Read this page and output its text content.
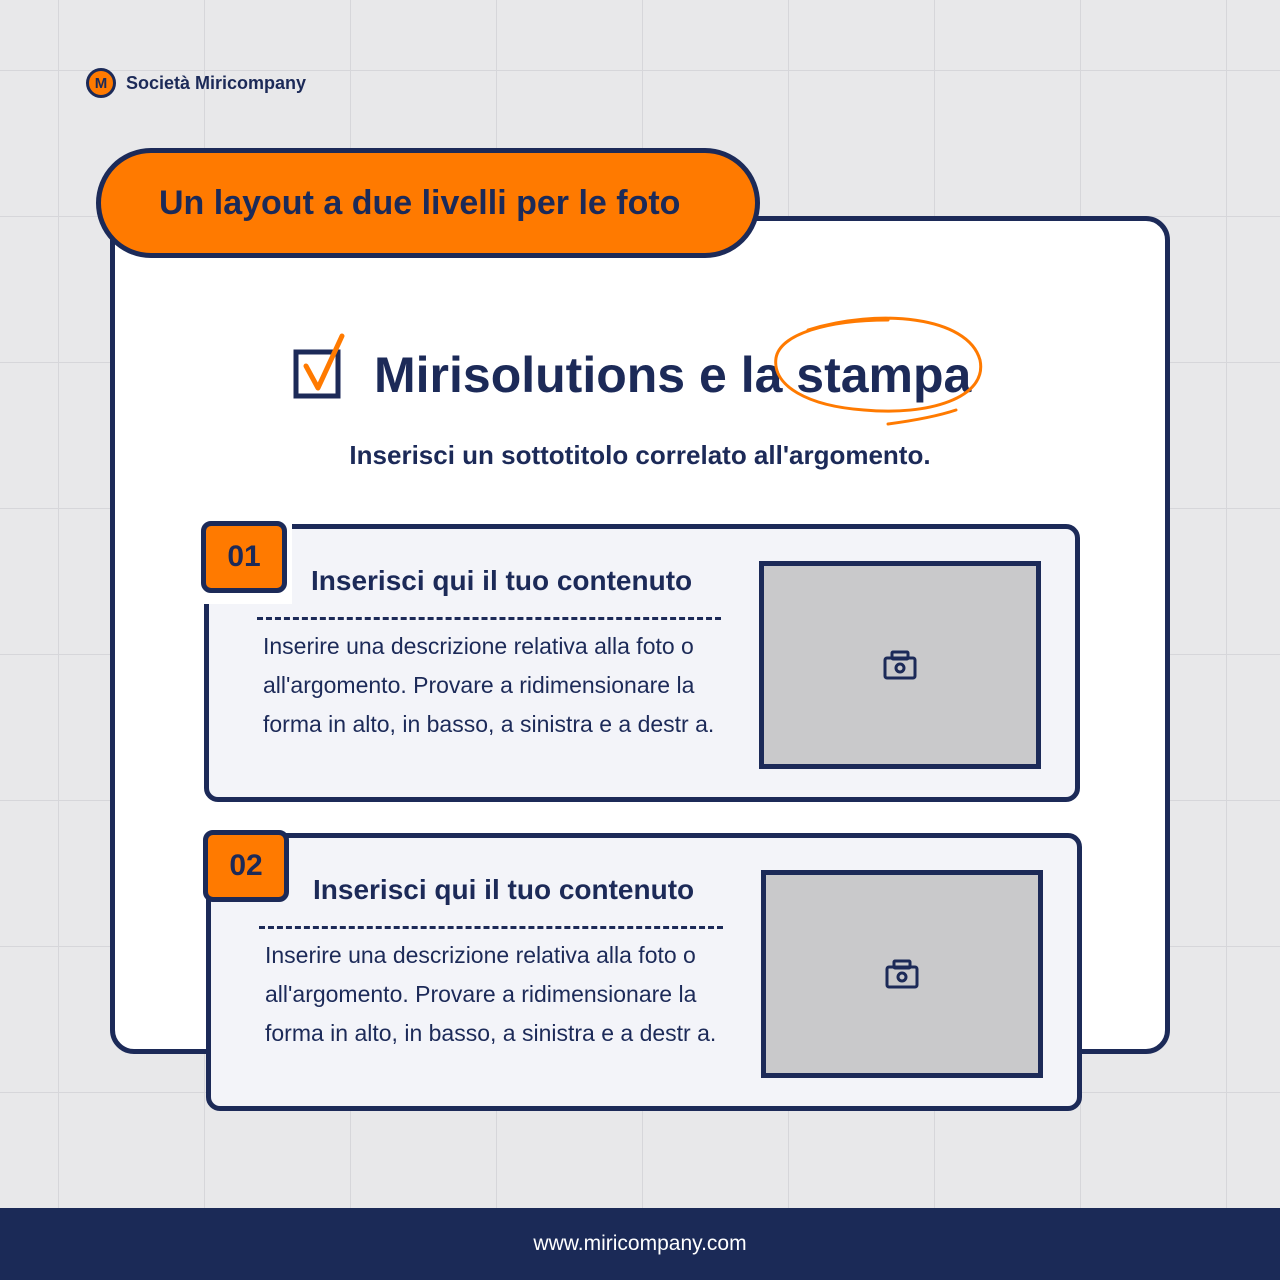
M	Società Miricompany
Un layout a due livelli per le foto
Mirisolutions e la stampa
Inserisci un sottotitolo correlato all'argomento.
01
Inserisci qui il tuo contenuto
Inserire una descrizione relativa alla foto o all'argomento. Provare a ridimensionare la forma in alto, in basso, a sinistra e a destr a.
02
Inserisci qui il tuo contenuto
Inserire una descrizione relativa alla foto o all'argomento. Provare a ridimensionare la forma in alto, in basso, a sinistra e a destr a.
www.miricompany.com
